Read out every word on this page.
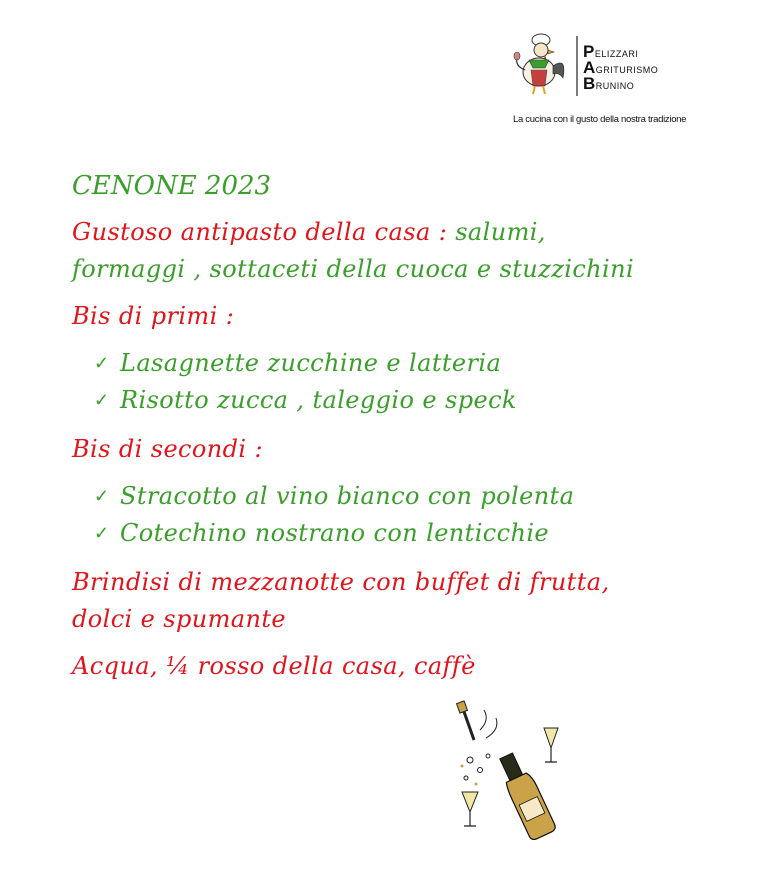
PELIZZARI
AGRITURISMO
BRUNINO
La cucina con il gusto della nostra tradizione
CENONE 2023
Gustoso antipasto della casa : salumi,
formaggi , sottaceti della cuoca e stuzzichini
Bis di primi :
✓ Lasagnette zucchine e latteria
✓ Risotto zucca , taleggio e speck
Bis di secondi :
✓ Stracotto al vino bianco con polenta
✓ Cotechino nostrano con lenticchie
Brindisi di mezzanotte con buffet di frutta,
dolci e spumante
Acqua, ¼ rosso della casa, caffè
